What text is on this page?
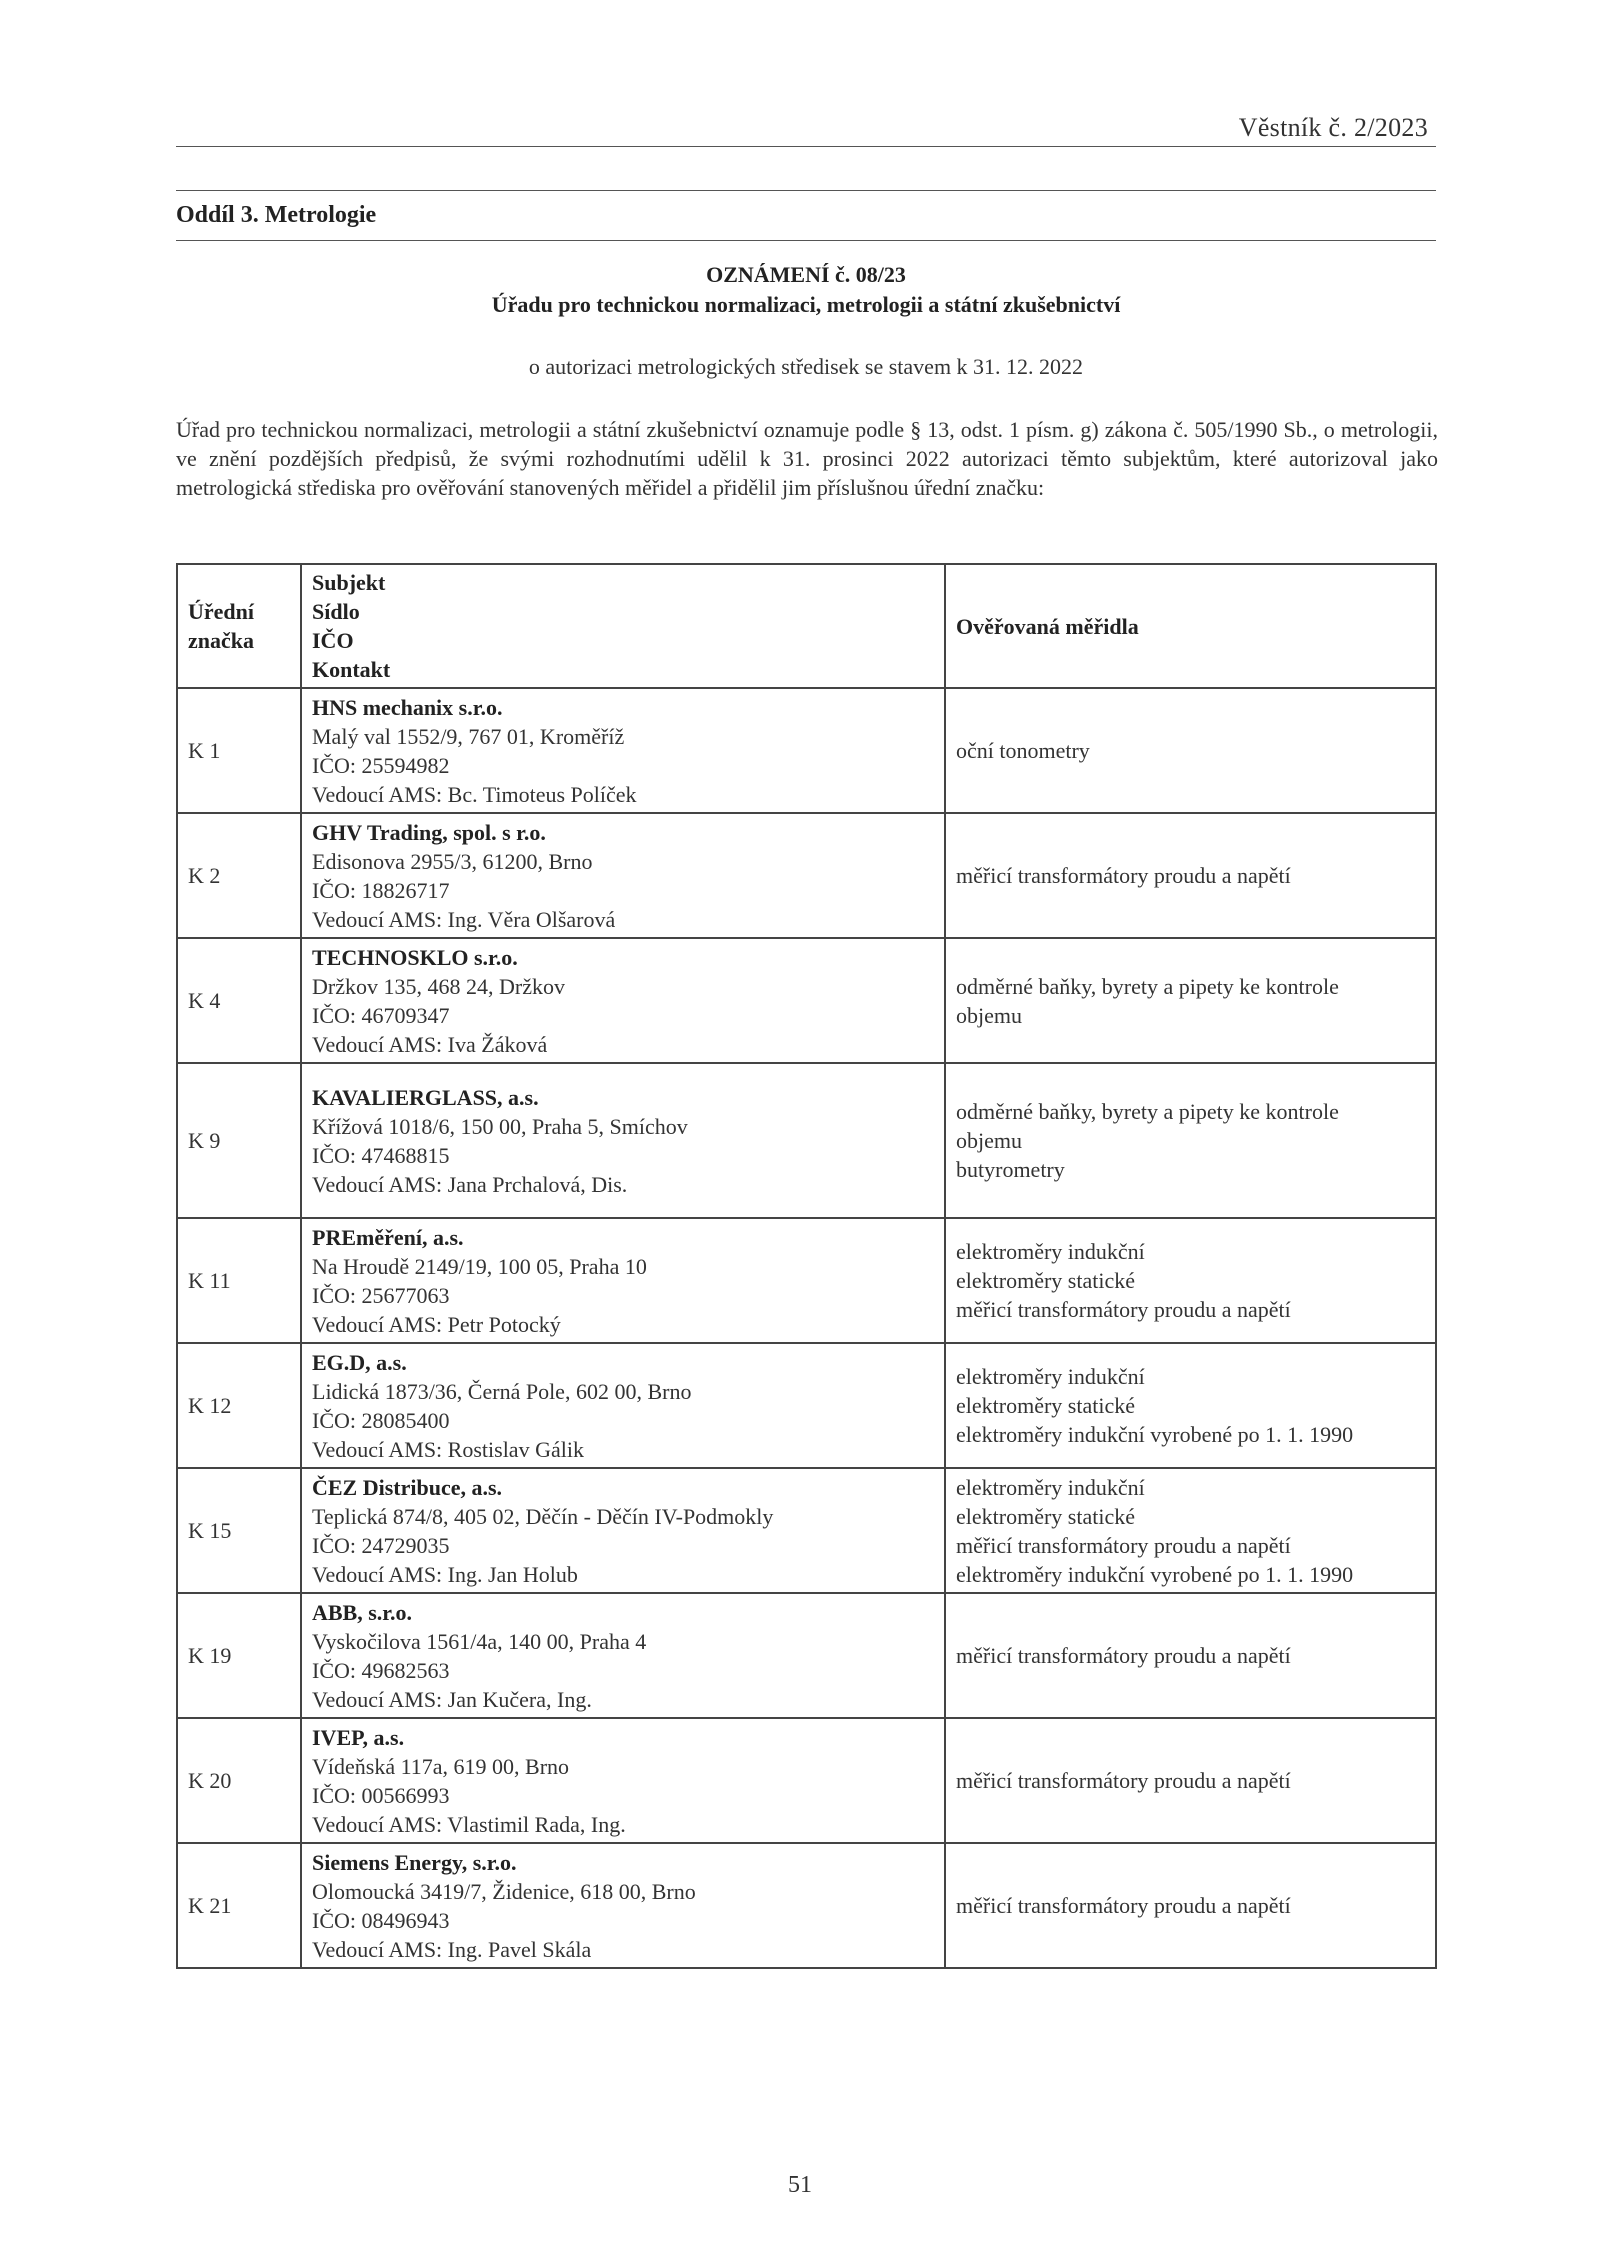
Věstník č. 2/2023
Oddíl 3. Metrologie
OZNÁMENÍ č. 08/23
Úřadu pro technickou normalizaci, metrologii a státní zkušebnictví
o autorizaci metrologických středisek se stavem k 31. 12. 2022
Úřad pro technickou normalizaci, metrologii a státní zkušebnictví oznamuje podle § 13, odst. 1 písm. g) zákona č. 505/1990 Sb., o metrologii, ve znění pozdějších předpisů, že svými rozhodnutími udělil k 31. prosinci 2022 autorizaci těmto subjektům, které autorizoval jako metrologická střediska pro ověřování stanovených měřidel a přidělil jim příslušnou úřední značku:
Úřední
značka	Subjekt
Sídlo
IČO
Kontakt	Ověřovaná měřidla
K 1	HNS mechanix s.r.o.
Malý val 1552/9, 767 01, Kroměříž
IČO: 25594982
Vedoucí AMS: Bc. Timoteus Políček	oční tonometry

K 2	GHV Trading, spol. s r.o.
Edisonova 2955/3, 61200, Brno
IČO: 18826717
Vedoucí AMS: Ing. Věra Olšarová	měřicí transformátory proudu a napětí

K 4	TECHNOSKLO s.r.o.
Držkov 135, 468 24, Držkov
IČO: 46709347
Vedoucí AMS: Iva Žáková	odměrné baňky, byrety a pipety ke kontrole
objemu

K 9	KAVALIERGLASS, a.s.
Křížová 1018/6, 150 00, Praha 5, Smíchov
IČO: 47468815
Vedoucí AMS: Jana Prchalová, Dis.	odměrné baňky, byrety a pipety ke kontrole
objemu
butyrometry

K 11	PREměření, a.s.
Na Hroudě 2149/19, 100 05, Praha 10
IČO: 25677063
Vedoucí AMS: Petr Potocký	elektroměry indukční
elektroměry statické
měřicí transformátory proudu a napětí

K 12	EG.D, a.s.
Lidická 1873/36, Černá Pole, 602 00, Brno
IČO: 28085400
Vedoucí AMS: Rostislav Gálik	elektroměry indukční
elektroměry statické
elektroměry indukční vyrobené po 1. 1. 1990

K 15	ČEZ Distribuce, a.s.
Teplická 874/8, 405 02, Děčín - Děčín IV-Podmokly
IČO: 24729035
Vedoucí AMS: Ing. Jan Holub	elektroměry indukční
elektroměry statické
měřicí transformátory proudu a napětí
elektroměry indukční vyrobené po 1. 1. 1990

K 19	ABB, s.r.o.
Vyskočilova 1561/4a, 140 00, Praha 4
IČO: 49682563
Vedoucí AMS: Jan Kučera, Ing.	měřicí transformátory proudu a napětí

K 20	IVEP, a.s.
Vídeňská 117a, 619 00, Brno
IČO: 00566993
Vedoucí AMS: Vlastimil Rada, Ing.	měřicí transformátory proudu a napětí

K 21	Siemens Energy, s.r.o.
Olomoucká 3419/7, Židenice, 618 00, Brno
IČO: 08496943
Vedoucí AMS: Ing. Pavel Skála	měřicí transformátory proudu a napětí
51
